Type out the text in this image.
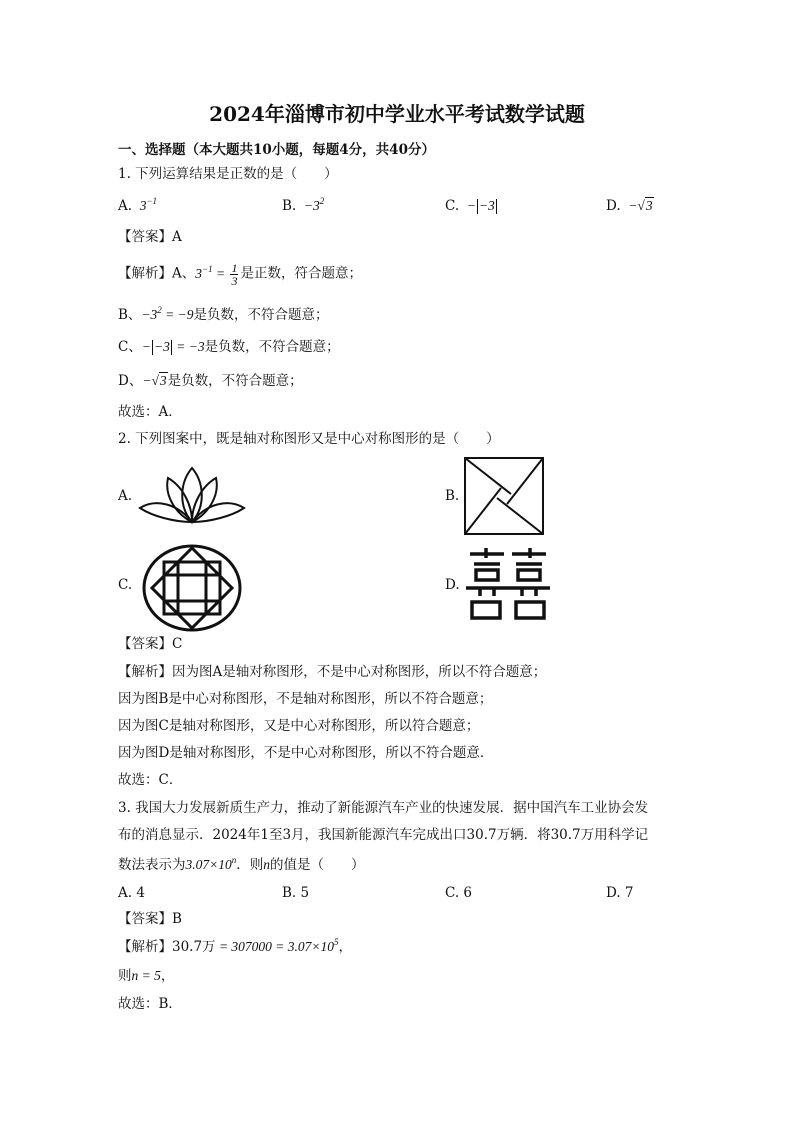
2024年淄博市初中学业水平考试数学试题
一、选择题（本大题共10小题，每题4分，共40分）
1. 下列运算结果是正数的是（　　）
A.  $3^{-1}$	B.  $-3^2$	C.  − −3	D.  −√3
【答案】A
【解析】A、$3^{-1} = \frac{1}{3}$ 是正数，符合题意；
B、$-3^2 = -9$是负数，不符合题意；
C、− −3 = −3是负数，不符合题意；
D、−√3是负数，不符合题意；
故选：A．
2. 下列图案中，既是轴对称图形又是中心对称图形的是（　　）
A.	B.
C.	D.
【答案】C
【解析】因为图A是轴对称图形，不是中心对称图形，所以不符合题意；
因为图B是中心对称图形，不是轴对称图形，所以不符合题意；
因为图C是轴对称图形，又是中心对称图形，所以符合题意；
因为图D是轴对称图形，不是中心对称图形，所以不符合题意．
故选：C．
3. 我国大力发展新质生产力，推动了新能源汽车产业的快速发展．据中国汽车工业协会发
布的消息显示．2024年1至3月，我国新能源汽车完成出口30.7万辆．将30.7万用科学记
数法表示为$3.07\times 10^n$．则n的值是（　　）
A. 4	B. 5	C. 6	D. 7
【答案】B
【解析】30.7万 = $307000 = 3.07\times 10^5$，
则n = 5，
故选：B．
